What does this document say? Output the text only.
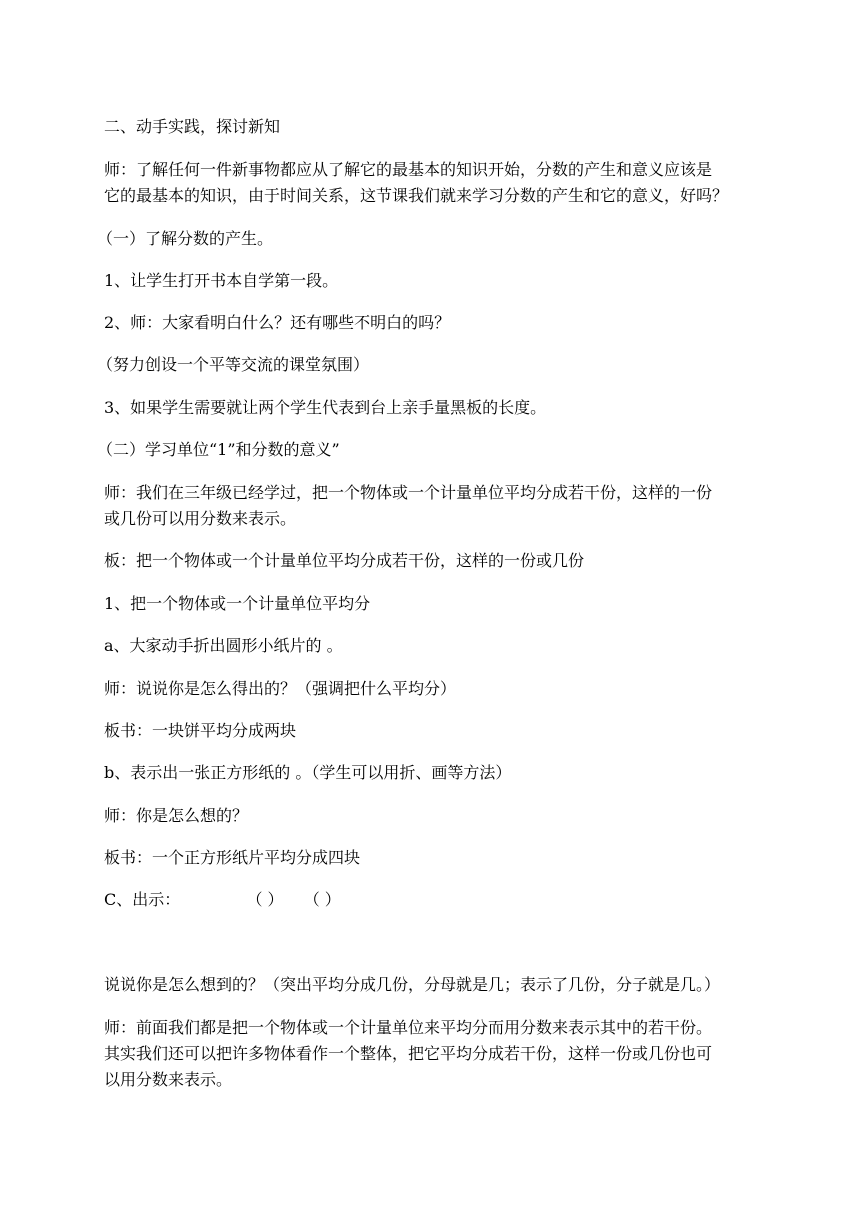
二、动手实践，探讨新知
师：了解任何一件新事物都应从了解它的最基本的知识开始，分数的产生和意义应该是
它的最基本的知识，由于时间关系，这节课我们就来学习分数的产生和它的意义，好吗？
（一）了解分数的产生。
1、让学生打开书本自学第一段。
2、师：大家看明白什么？还有哪些不明白的吗？
（努力创设一个平等交流的课堂氛围）
3、如果学生需要就让两个学生代表到台上亲手量黑板的长度。
（二）学习单位“1”和分数的意义”
师：我们在三年级已经学过，把一个物体或一个计量单位平均分成若干份，这样的一份
或几份可以用分数来表示。
板：把一个物体或一个计量单位平均分成若干份，这样的一份或几份
1、把一个物体或一个计量单位平均分
a、大家动手折出圆形小纸片的 。
师：说说你是怎么得出的？（强调把什么平均分）
板书：一块饼平均分成两块
b、表示出一张正方形纸的 。（学生可以用折、画等方法）
师：你是怎么想的？
板书：一个正方形纸片平均分成四块
C、出示：	（ ） （ ）
说说你是怎么想到的？（突出平均分成几份，分母就是几；表示了几份，分子就是几。）
师：前面我们都是把一个物体或一个计量单位来平均分而用分数来表示其中的若干份。
其实我们还可以把许多物体看作一个整体，把它平均分成若干份，这样一份或几份也可
以用分数来表示。
